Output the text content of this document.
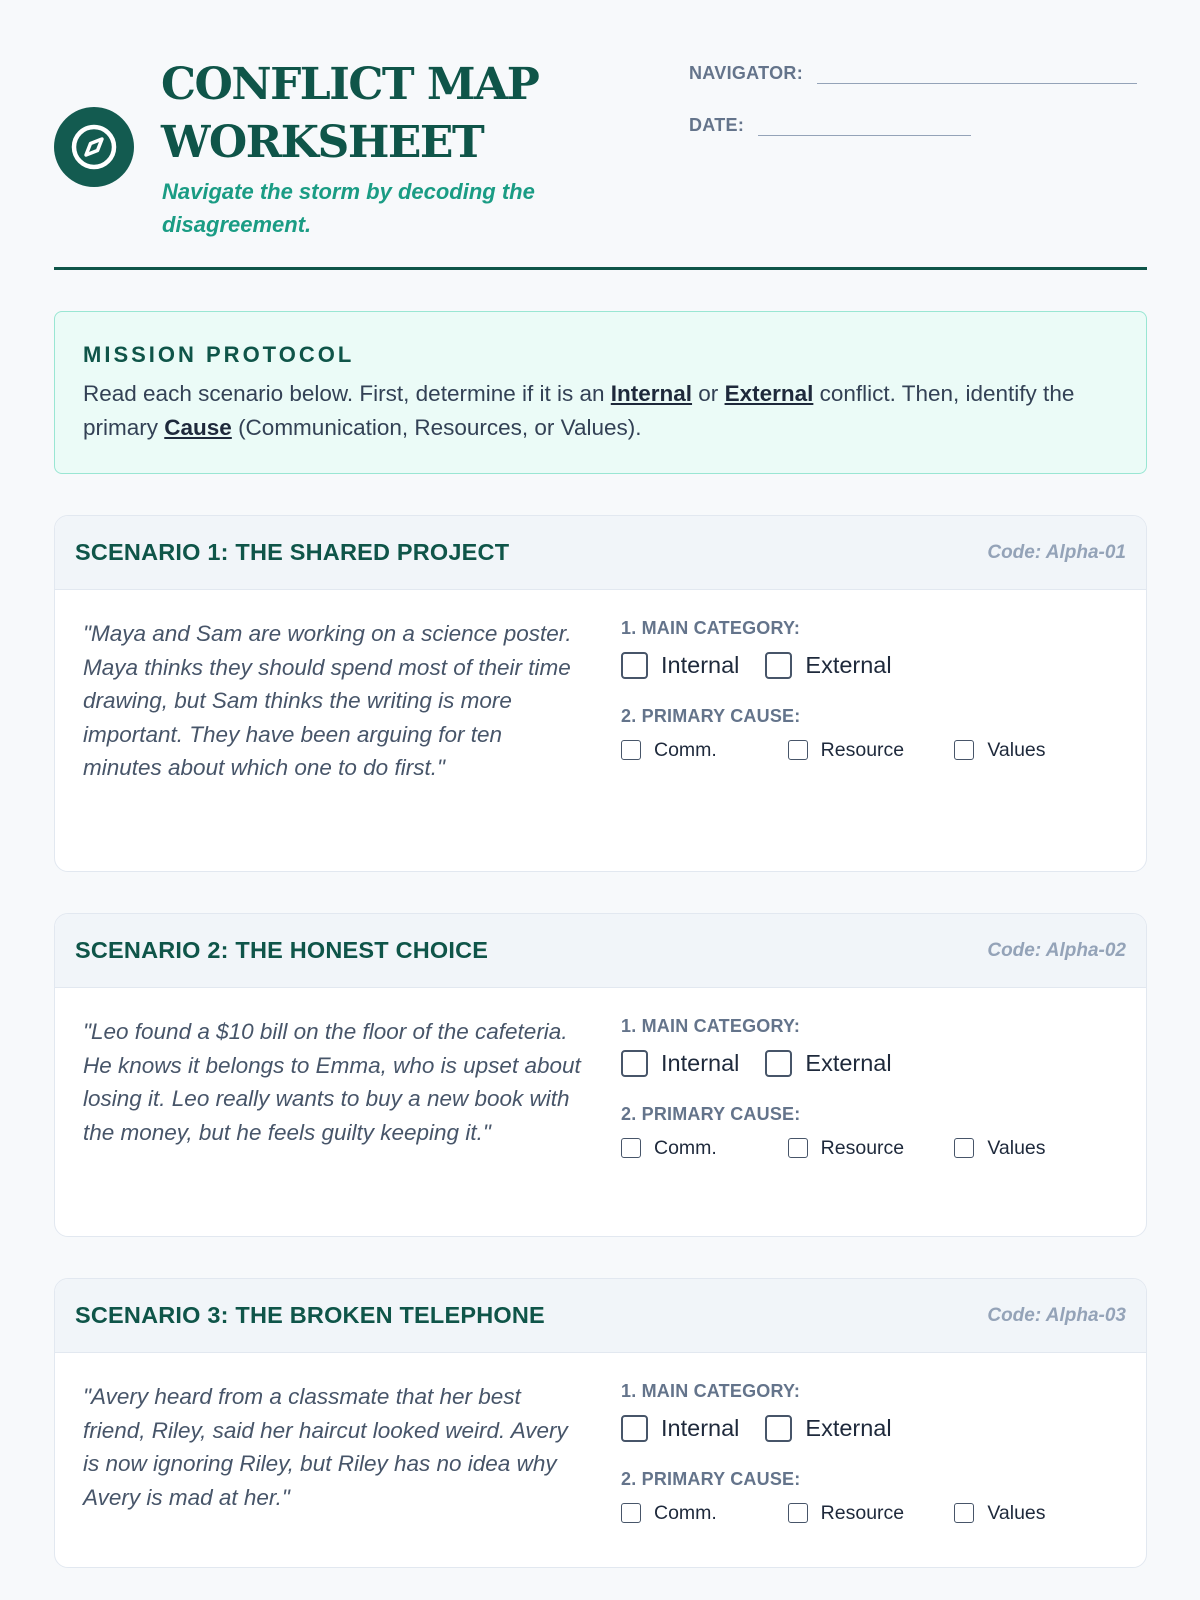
CONFLICT MAP
WORKSHEET
Navigate the storm by decoding the disagreement.
NAVIGATOR:
DATE:
MISSION PROTOCOL

Read each scenario below. First, determine if it is an Internal or External conflict. Then, identify the primary Cause (Communication, Resources, or Values).

SCENARIO 1: THE SHARED PROJECT	Code: Alpha-01
"Maya and Sam are working on a science poster. Maya thinks they should spend most of their time drawing, but Sam thinks the writing is more important. They have been arguing for ten minutes about which one to do first."
1. MAIN CATEGORY:
Internal	External
2. PRIMARY CAUSE:
Comm.	Resource	Values
SCENARIO 2: THE HONEST CHOICE	Code: Alpha-02
"Leo found a $10 bill on the floor of the cafeteria. He knows it belongs to Emma, who is upset about losing it. Leo really wants to buy a new book with the money, but he feels guilty keeping it."
1. MAIN CATEGORY:
Internal	External
2. PRIMARY CAUSE:
Comm.	Resource	Values
SCENARIO 3: THE BROKEN TELEPHONE	Code: Alpha-03
"Avery heard from a classmate that her best friend, Riley, said her haircut looked weird. Avery is now ignoring Riley, but Riley has no idea why Avery is mad at her."
1. MAIN CATEGORY:
Internal	External
2. PRIMARY CAUSE:
Comm.	Resource	Values
